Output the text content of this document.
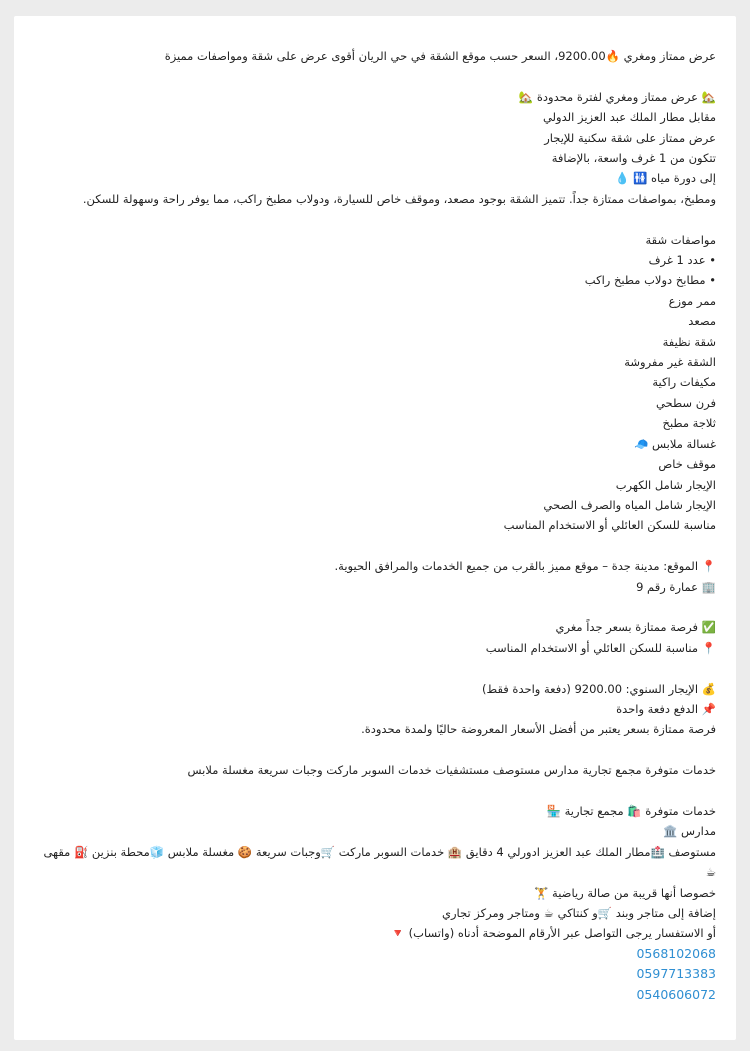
عرض ممتاز ومغري 🔥9200.00، السعر حسب موقع الشقة في حي الريان أقوى عرض على شقة ومواصفات مميزة
🏡 عرض ممتاز ومغري لفترة محدودة 🏡
مقابل مطار الملك عبد العزيز الدولي
عرض ممتاز على شقة سكنية للإيجار
تتكون من 1 غرف واسعة، بالإضافة
إلى دورة مياه 🚻 💧
ومطبخ، بمواصفات ممتازة جداً. تتميز الشقة بوجود مصعد، وموقف خاص للسيارة، ودولاب مطبخ راكب، مما يوفر راحة وسهولة للسكن.
مواصفات شقة
• عدد 1 غرف
• مطابخ دولاب مطبخ راكب
ممر موزع
مصعد
شقة نظيفة
الشقة غير مفروشة
مكيفات راكية
فرن سطحي
ثلاجة مطبخ
غسالة ملابس 🧢
موقف خاص
الإيجار شامل الكهرب
الإيجار شامل المياه والصرف الصحي
مناسبة للسكن العائلي أو الاستخدام المناسب
📍 الموقع: مدينة جدة – موقع مميز بالقرب من جميع الخدمات والمرافق الحيوية.
🏢 عمارة رقم 9
✅ فرصة ممتازة بسعر جداً مغري
📍 مناسبة للسكن العائلي أو الاستخدام المناسب
💰 الإيجار السنوي: 9200.00 (دفعة واحدة فقط)
📌 الدفع دفعة واحدة
فرصة ممتازة بسعر يعتبر من أفضل الأسعار المعروضة حاليًا ولمدة محدودة.
خدمات متوفرة مجمع تجارية مدارس مستوصف مستشفيات خدمات السوبر ماركت وجبات سريعة مغسلة ملابس
خدمات متوفرة 🛍️ مجمع تجارية 🏪
مدارس 🏛️
مستوصف 🏥مطار الملك عبد العزيز ادورلي 4 دقايق 🏨 خدمات السوبر ماركت 🛒وجبات سريعة 🍪 مغسلة ملابس 🧊محطة بنزين ⛽ مقهى
☕
خصوصا أنها قريبة من صالة رياضية 🏋️
إضافة إلى متاجر وبند 🛒و كنتاكي ☕ ومتاجر ومركز تجاري
أو الاستفسار يرجى التواصل عبر الأرقام الموضحة أدناه (واتساب) 🔻
0568102068
0597713383
0540606072
